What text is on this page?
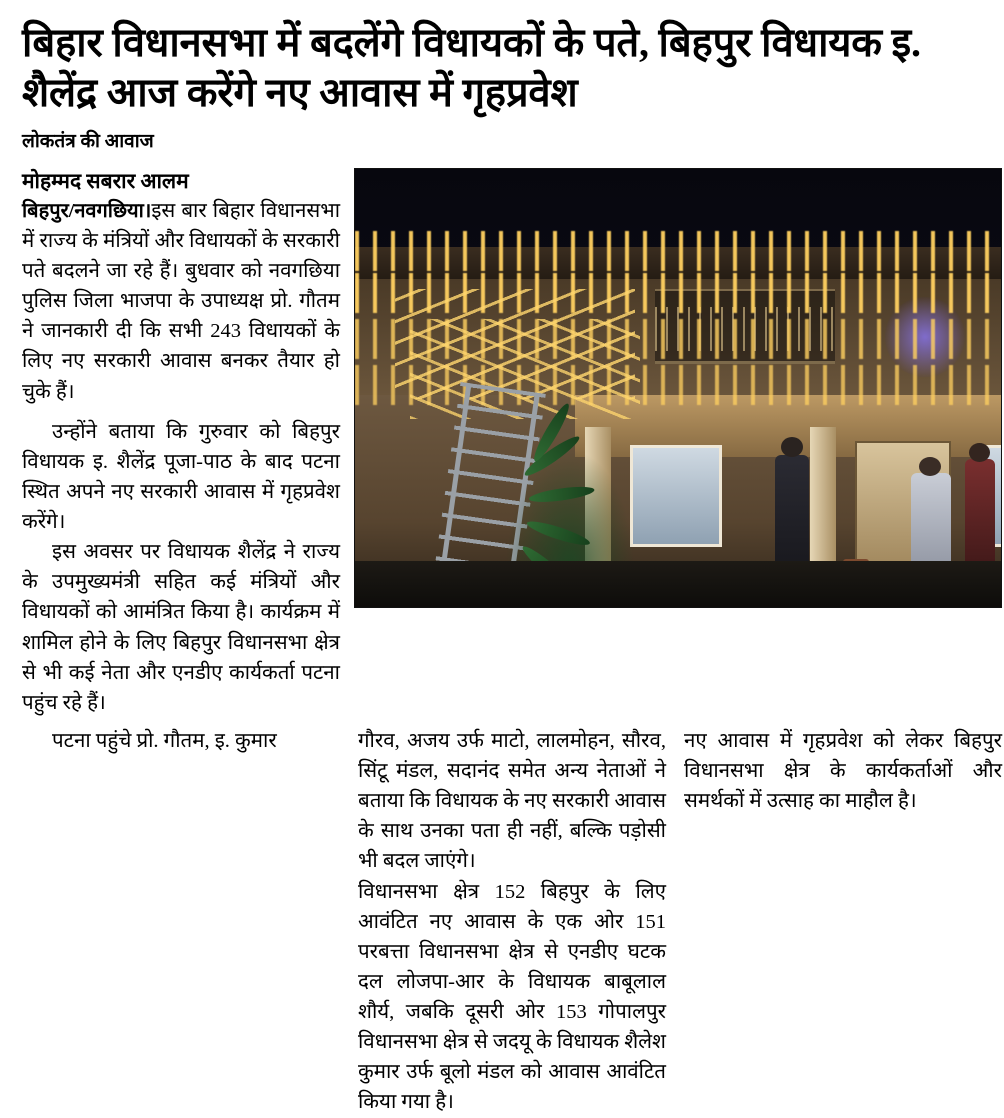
बिहार विधानसभा में बदलेंगे विधायकों के पते, बिहपुर विधायक इ. शैलेंद्र आज करेंगे नए आवास में गृहप्रवेश
लोकतंत्र की आवाज
मोहम्मद सबरार आलम

बिहपुर/नवगछिया।इस बार बिहार विधानसभा में राज्य के मंत्रियों और विधायकों के सरकारी पते बदलने जा रहे हैं। बुधवार को नवगछिया पुलिस जिला भाजपा के उपाध्यक्ष प्रो. गौतम ने जानकारी दी कि सभी 243 विधायकों के लिए नए सरकारी आवास बनकर तैयार हो चुके हैं।

उन्होंने बताया कि गुरुवार को बिहपुर विधायक इ. शैलेंद्र पूजा-पाठ के बाद पटना स्थित अपने नए सरकारी आवास में गृहप्रवेश करेंगे।

इस अवसर पर विधायक शैलेंद्र ने राज्य के उपमुख्यमंत्री सहित कई मंत्रियों और विधायकों को आमंत्रित किया है। कार्यक्रम में शामिल होने के लिए बिहपुर विधानसभा क्षेत्र से भी कई नेता और एनडीए कार्यकर्ता पटना पहुंच रहे हैं।

पटना पहुंचे प्रो. गौतम, इ. कुमार	गौरव, अजय उर्फ माटो, लालमोहन, सौरव, सिंटू मंडल, सदानंद समेत अन्य नेताओं ने बताया कि विधायक के नए सरकारी आवास के साथ उनका पता ही नहीं, बल्कि पड़ोसी भी बदल जाएंगे।

विधानसभा क्षेत्र 152 बिहपुर के लिए आवंटित नए आवास के एक ओर 151 परबत्ता विधानसभा क्षेत्र से एनडीए घटक दल लोजपा-आर के विधायक बाबूलाल शौर्य, जबकि दूसरी ओर 153 गोपालपुर विधानसभा क्षेत्र से जदयू के विधायक शैलेश कुमार उर्फ बूलो मंडल को आवास आवंटित किया गया है।

नए आवास में गृहप्रवेश को लेकर बिहपुर विधानसभा क्षेत्र के कार्यकर्ताओं और समर्थकों में उत्साह का माहौल है।
